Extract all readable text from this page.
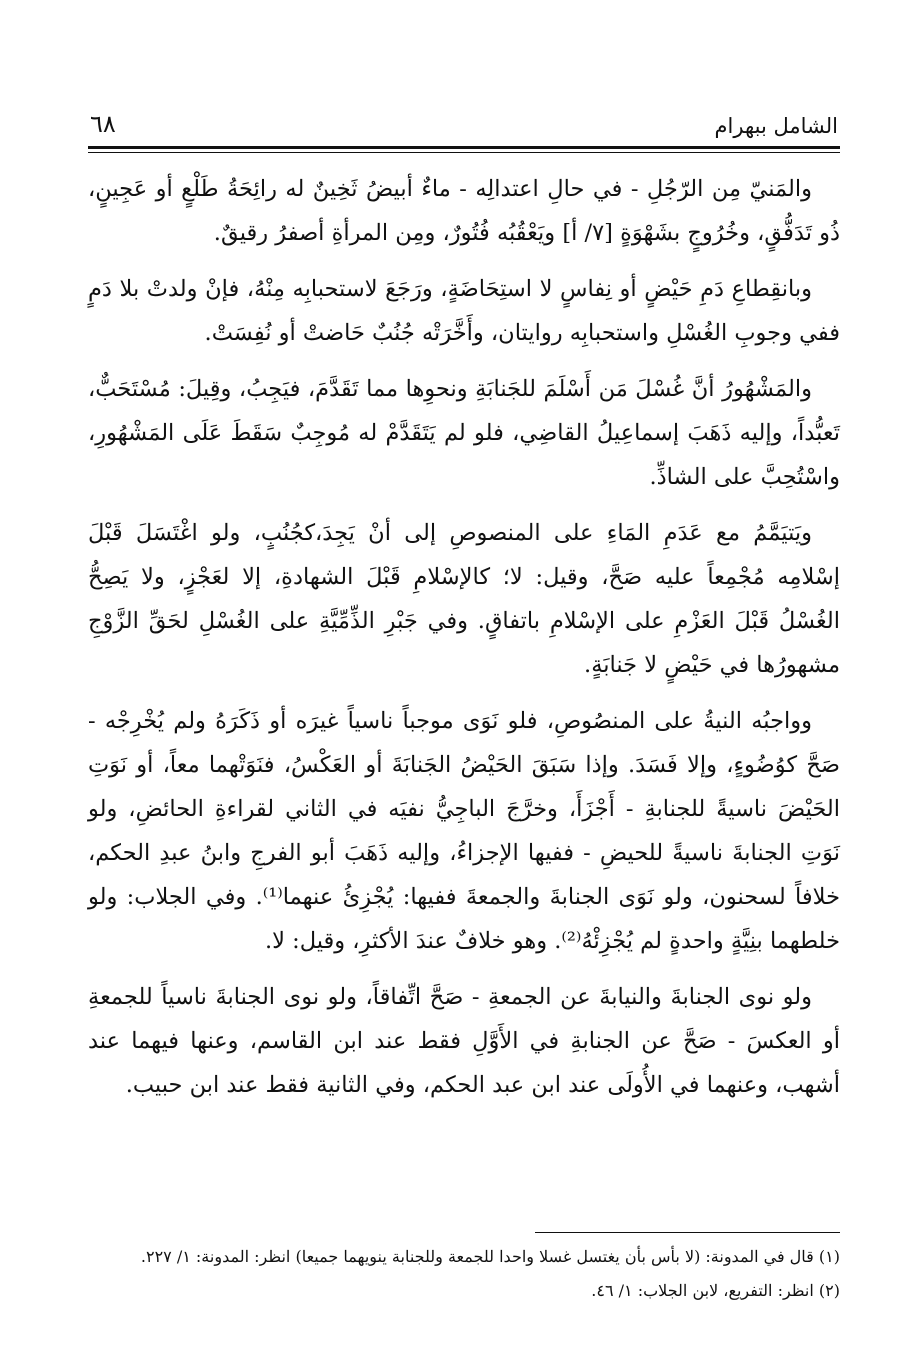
الشامل ببهرام
٦٨

والمَنيّ مِن الرّجُلِ - في حالِ اعتدالِه - ماءٌ أبيضُ ثَخِينٌ له رائِحَةُ طَلْعٍ أو عَجِينٍ، ذُو تَدَفُّقٍ، وخُرُوجٍ بشَهْوَةٍ [٧/ أ] ويَعْقُبُه فُتُورٌ، ومِن المرأةِ أصفرُ رقيقٌ.

وبانقِطاعِ دَمِ حَيْضٍ أو نِفاسٍ لا استِحَاضَةٍ، ورَجَعَ لاستحبابِه مِنْهُ، فإنْ ولدتْ بلا دَمٍ ففي وجوبِ الغُسْلِ واستحبابِه روايتان، وأَخَّرَتْه جُنُبٌ حَاضتْ أو نُفِسَتْ.

والمَشْهُورُ أنَّ غُسْلَ مَن أَسْلَمَ للجَنابَةِ ونحوِها مما تَقَدَّمَ، فيَجِبُ، وقِيلَ: مُسْتَحَبٌّ، تَعبُّداً، وإليه ذَهَبَ إسماعِيلُ القاضِي، فلو لم يَتَقَدَّمْ له مُوجِبٌ سَقَطَ عَلَى المَشْهُورِ، واسْتُحِبَّ على الشاذِّ.

ويَتيَمَّمُ مع عَدَمِ المَاءِ على المنصوصِ إلى أنْ يَجِدَ،كجُنُبٍ، ولو اغْتَسَلَ قَبْلَ إسْلامِه مُجْمِعاً عليه صَحَّ، وقيل: لا؛ كالإسْلامِ قَبْلَ الشهادةِ، إلا لعَجْزٍ، ولا يَصِحُّ الغُسْلُ قَبْلَ العَزْمِ على الإسْلامِ باتفاقٍ. وفي جَبْرِ الذِّمِّيَّةِ على الغُسْلِ لحَقِّ الزَّوْجِ مشهورُها في حَيْضٍ لا جَنابَةٍ.

وواجبُه النيةُ على المنصُوصِ، فلو نَوَى موجباً ناسياً غيرَه أو ذَكَرَهُ ولم يُخْرِجْه - صَحَّ كوُضُوءٍ، وإلا فَسَدَ. وإذا سَبَقَ الحَيْضُ الجَنابَةَ أو العَكْسُ، فنَوَتْهما معاً، أو نَوَتِ الحَيْضَ ناسيةً للجنابةِ - أَجْزَأَ، وخرَّجَ الباجِيُّ نفيَه في الثاني لقراءةِ الحائضِ، ولو نَوَتِ الجنابةَ ناسيةً للحيضِ - ففيها الإجزاءُ، وإليه ذَهَبَ أبو الفرجِ وابنُ عبدِ الحكم، خلافاً لسحنون، ولو نَوَى الجنابةَ والجمعةَ ففيها: يُجْزِئُ عنهما⁽¹⁾. وفي الجلاب: ولو خلطهما بنِيَّةٍ واحدةٍ لم يُجْزِئْهُ⁽²⁾. وهو خلافٌ عندَ الأكثرِ، وقيل: لا.

ولو نوى الجنابةَ والنيابةَ عن الجمعةِ - صَحَّ اتِّفاقاً، ولو نوى الجنابةَ ناسياً للجمعةِ أو العكسَ - صَحَّ عن الجنابةِ في الأَوَّلِ فقط عند ابن القاسم، وعنها فيهما عند أشهب، وعنهما في الأُولَى عند ابن عبد الحكم، وفي الثانية فقط عند ابن حبيب.

(١) قال في المدونة: (لا بأس بأن يغتسل غسلا واحدا للجمعة وللجنابة ينويهما جميعا) انظر: المدونة: ١/ ٢٢٧.

(٢) انظر: التفريع، لابن الجلاب: ١/ ٤٦.
